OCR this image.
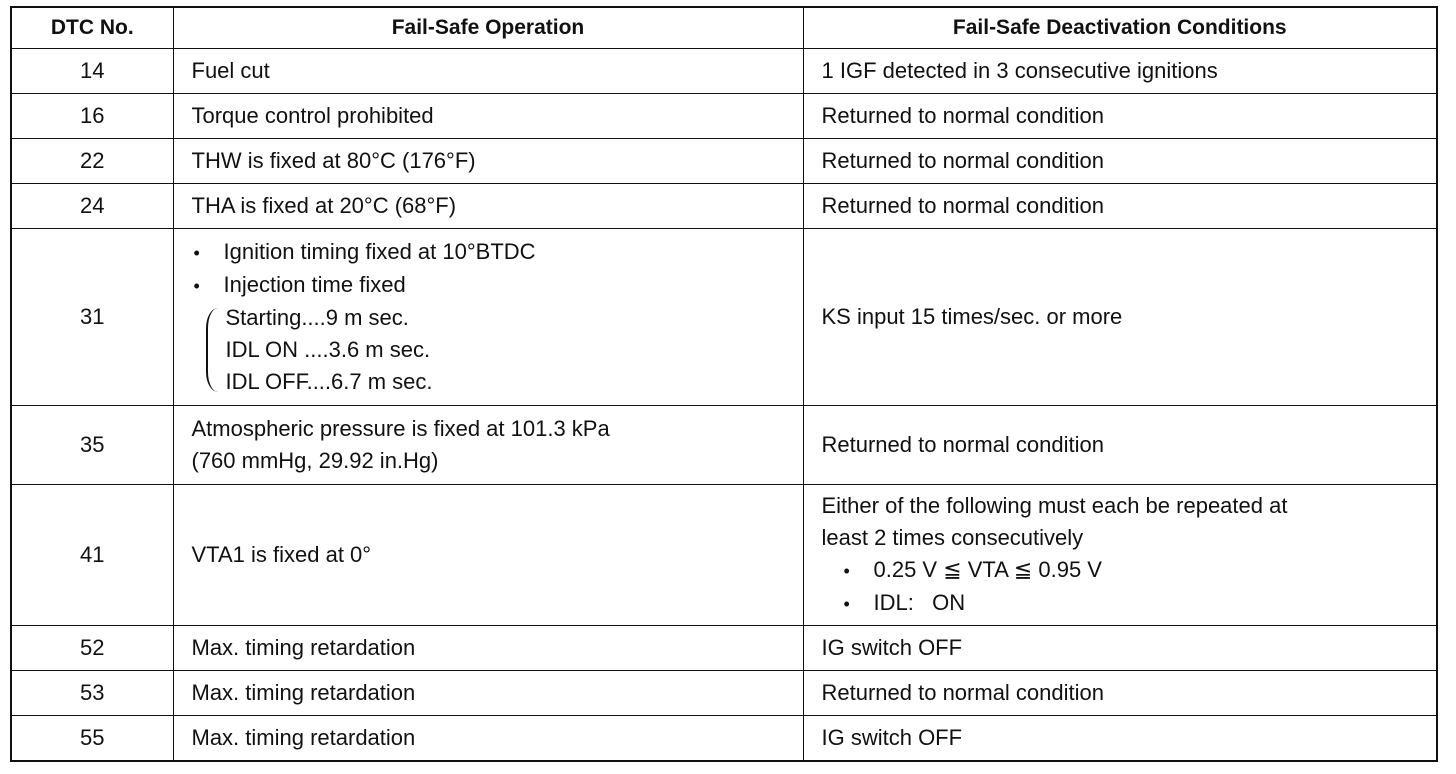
DTC No.	Fail-Safe Operation	Fail-Safe Deactivation Conditions
14	Fuel cut	1 IGF detected in 3 consecutive ignitions
16	Torque control prohibited	Returned to normal condition
22	THW is fixed at 80°C (176°F)	Returned to normal condition
24	THA is fixed at 20°C (68°F)	Returned to normal condition
31	• Ignition timing fixed at 10°BTDC
• Injection time fixed
Starting....9 m sec.
IDL ON ....3.6 m sec.
IDL OFF....6.7 m sec.	KS input 15 times/sec. or more
35	Atmospheric pressure is fixed at 101.3 kPa
(760 mmHg, 29.92 in.Hg)	Returned to normal condition
41	VTA1 is fixed at 0°	Either of the following must each be repeated at
least 2 times consecutively
• 0.25 V ≦ VTA ≦ 0.95 V
• IDL:   ON

52	Max. timing retardation	IG switch OFF
53	Max. timing retardation	Returned to normal condition
55	Max. timing retardation	IG switch OFF
